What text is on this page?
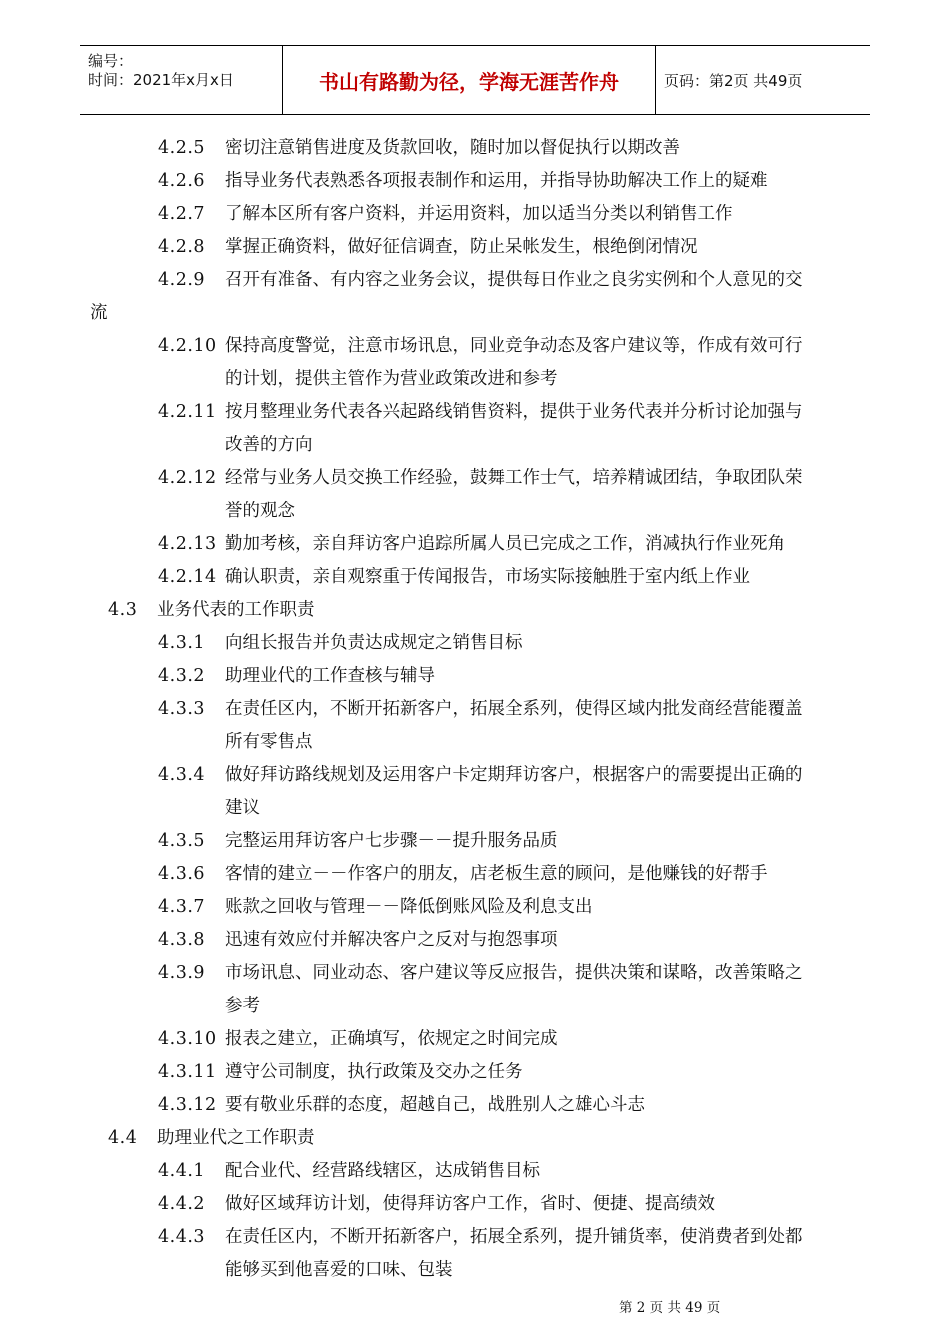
编号：
时间：2021年x月x日	书山有路勤为径，学海无涯苦作舟	页码：第2页 共49页
4.2.5 密切注意销售进度及货款回收，随时加以督促执行以期改善
4.2.6 指导业务代表熟悉各项报表制作和运用，并指导协助解决工作上的疑难
4.2.7 了解本区所有客户资料，并运用资料，加以适当分类以利销售工作
4.2.8 掌握正确资料，做好征信调查，防止呆帐发生，根绝倒闭情况
4.2.9 召开有准备、有内容之业务会议，提供每日作业之良劣实例和个人意见的交
流
4.2.10 保持高度警觉，注意市场讯息，同业竞争动态及客户建议等，作成有效可行
的计划，提供主管作为营业政策改进和参考
4.2.11 按月整理业务代表各兴起路线销售资料，提供于业务代表并分析讨论加强与
改善的方向
4.2.12 经常与业务人员交换工作经验，鼓舞工作士气，培养精诚团结，争取团队荣
誉的观念
4.2.13 勤加考核，亲自拜访客户追踪所属人员已完成之工作，消减执行作业死角
4.2.14 确认职责，亲自观察重于传闻报告，市场实际接触胜于室内纸上作业
4.3 业务代表的工作职责
4.3.1 向组长报告并负责达成规定之销售目标
4.3.2 助理业代的工作查核与辅导
4.3.3 在责任区内，不断开拓新客户，拓展全系列，使得区域内批发商经营能覆盖
所有零售点
4.3.4 做好拜访路线规划及运用客户卡定期拜访客户，根据客户的需要提出正确的
建议
4.3.5 完整运用拜访客户七步骤－－提升服务品质
4.3.6 客情的建立－－作客户的朋友，店老板生意的顾问，是他赚钱的好帮手
4.3.7 账款之回收与管理－－降低倒账风险及利息支出
4.3.8 迅速有效应付并解决客户之反对与抱怨事项
4.3.9 市场讯息、同业动态、客户建议等反应报告，提供决策和谋略，改善策略之
参考
4.3.10 报表之建立，正确填写，依规定之时间完成
4.3.11 遵守公司制度，执行政策及交办之任务
4.3.12 要有敬业乐群的态度，超越自己，战胜别人之雄心斗志
4.4 助理业代之工作职责
4.4.1 配合业代、经营路线辖区，达成销售目标
4.4.2 做好区域拜访计划，使得拜访客户工作，省时、便捷、提高绩效
4.4.3 在责任区内，不断开拓新客户，拓展全系列，提升铺货率，使消费者到处都
能够买到他喜爱的口味、包装
第 2 页 共 49 页
